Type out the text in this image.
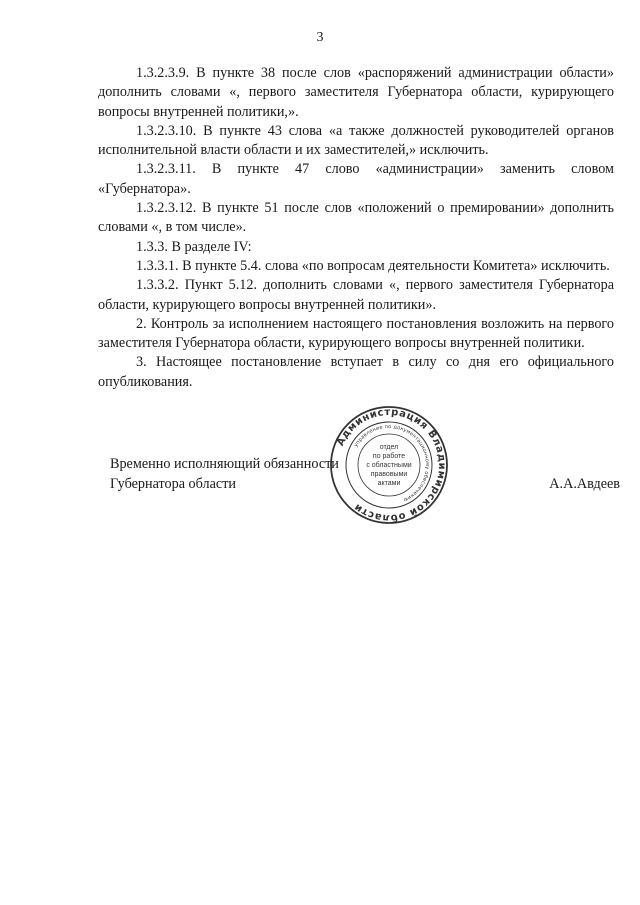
3

1.3.2.3.9. В пункте 38 после слов «распоряжений администрации области» дополнить словами «, первого заместителя Губернатора области, курирующего вопросы внутренней политики,».

1.3.2.3.10. В пункте 43 слова «а также должностей руководителей органов исполнительной власти области и их заместителей,» исключить.

1.3.2.3.11. В пункте 47 слово «администрации» заменить словом «Губернатора».

1.3.2.3.12. В пункте 51 после слов «положений о премировании» дополнить словами «, в том числе».

1.3.3. В разделе IV:

1.3.3.1. В пункте 5.4. слова «по вопросам деятельности Комитета» исключить.

1.3.3.2. Пункт 5.12. дополнить словами «, первого заместителя Губернатора области, курирующего вопросы внутренней политики».

2. Контроль за исполнением настоящего постановления возложить на первого заместителя Губернатора области, курирующего вопросы внутренней политики.

3. Настоящее постановление вступает в силу со дня его официального опубликования.

Временно исполняющий обязанности
Губернатора области	А.А.Авдеев
Администрация Владимирской области
управление по документационному обеспечению
отдел
по работе
с областными
правовыми
актами
